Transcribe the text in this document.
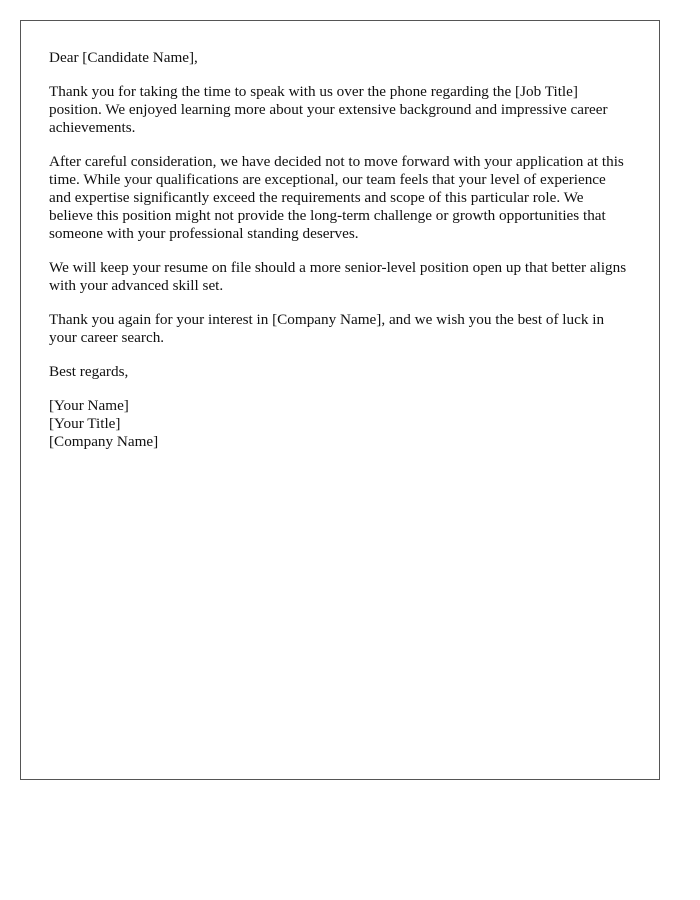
Dear [Candidate Name],

Thank you for taking the time to speak with us over the phone regarding the [Job Title] position. We enjoyed learning more about your extensive background and impressive career achievements.

After careful consideration, we have decided not to move forward with your application at this time. While your qualifications are exceptional, our team feels that your level of experience and expertise significantly exceed the requirements and scope of this particular role. We believe this position might not provide the long-term challenge or growth opportunities that someone with your professional standing deserves.

We will keep your resume on file should a more senior-level position open up that better aligns with your advanced skill set.

Thank you again for your interest in [Company Name], and we wish you the best of luck in your career search.

Best regards,

[Your Name]
[Your Title]
[Company Name]
